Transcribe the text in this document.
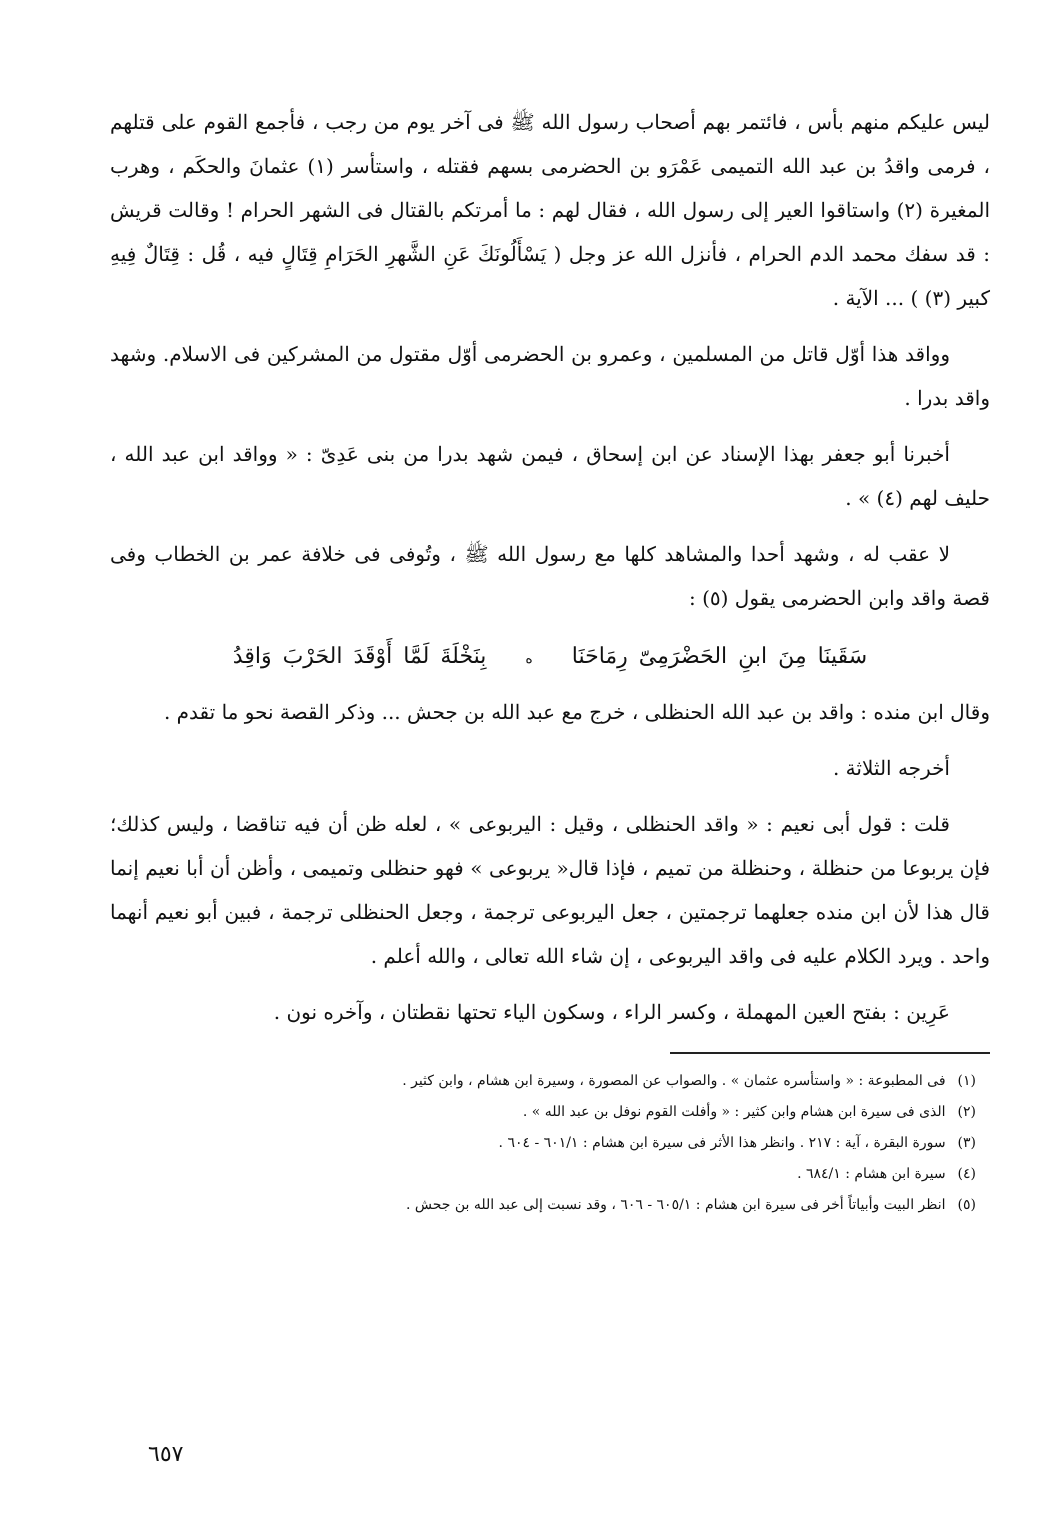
ليس عليكم منهم بأس ، فائتمر بهم أصحاب رسول الله ﷺ فى آخر يوم من رجب ، فأجمع القوم على قتلهم ، فرمى واقدُ بن عبد الله التميمى عَمْرَو بن الحضرمى بسهم فقتله ، واستأسر (١) عثمانَ والحكَم ، وهرب المغيرة (٢) واستاقوا العير إلى رسول الله ، فقال لهم : ما أمرتكم بالقتال فى الشهر الحرام ! وقالت قريش : قد سفك محمد الدم الحرام ، فأنزل الله عز وجل ( يَسْأَلُونَكَ عَنِ الشَّهرِ الحَرَامِ قِتَالٍ فيه ، قُل : قِتَالٌ فِيهِ كبير (٣) ) ... الآية .

وواقد هذا أوّل قاتل من المسلمين ، وعمرو بن الحضرمى أوّل مقتول من المشركين فى الاسلام. وشهد واقد بدرا .

أخبرنا أبو جعفر بهذا الإسناد عن ابن إسحاق ، فيمن شهد بدرا من بنى عَدِىّ : « وواقد ابن عبد الله ، حليف لهم (٤) » .

لا عقب له ، وشهد أحدا والمشاهد كلها مع رسول الله ﷺ ، وتُوفى فى خلافة عمر بن الخطاب وفى قصة واقد وابن الحضرمى يقول (٥) :

سَقَينَا مِنَ ابنِ الحَضْرَمِىّ رِمَاحَنَا ه بِنَخْلَةَ لَمَّا أَوْقَدَ الحَرْبَ وَاقِدُ

وقال ابن منده : واقد بن عبد الله الحنظلى ، خرج مع عبد الله بن جحش ... وذكر القصة نحو ما تقدم .

أخرجه الثلاثة .

قلت : قول أبى نعيم : « واقد الحنظلى ، وقيل : اليربوعى » ، لعله ظن أن فيه تناقضا ، وليس كذلك؛ فإن يربوعا من حنظلة ، وحنظلة من تميم ، فإذا قال« يربوعى » فهو حنظلى وتميمى ، وأظن أن أبا نعيم إنما قال هذا لأن ابن منده جعلهما ترجمتين ، جعل اليربوعى ترجمة ، وجعل الحنظلى ترجمة ، فبين أبو نعيم أنهما واحد . ويرد الكلام عليه فى واقد اليربوعى ، إن شاء الله تعالى ، والله أعلم .

عَرِين : بفتح العين المهملة ، وكسر الراء ، وسكون الياء تحتها نقطتان ، وآخره نون .

(١) فى المطبوعة : « واستأسره عثمان » . والصواب عن المصورة ، وسيرة ابن هشام ، وابن كثير .
(٢) الذى فى سيرة ابن هشام وابن كثير : « وأفلت القوم نوفل بن عبد الله » .
(٣) سورة البقرة ، آية : ٢١٧ . وانظر هذا الأثر فى سيرة ابن هشام : ٦٠١/١ - ٦٠٤ .
(٤) سيرة ابن هشام : ٦٨٤/١ .
(٥) انظر البيت وأبياتاً أخر فى سيرة ابن هشام : ٦٠٥/١ - ٦٠٦ ، وقد نسبت إلى عبد الله بن جحش .
٦٥٧
